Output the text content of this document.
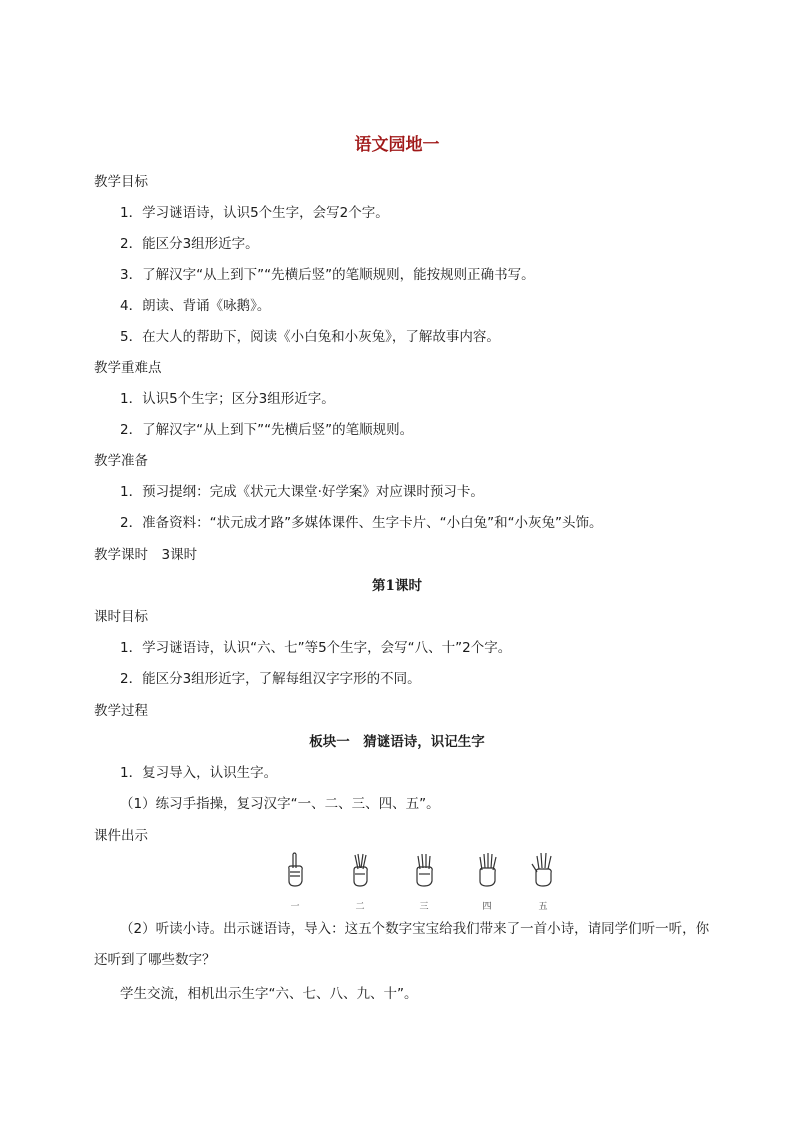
语文园地一
教学目标
1．学习谜语诗，认识5个生字，会写2个字。
2．能区分3组形近字。
3．了解汉字“从上到下”“先横后竖”的笔顺规则，能按规则正确书写。
4．朗读、背诵《咏鹅》。
5．在大人的帮助下，阅读《小白兔和小灰兔》，了解故事内容。
教学重难点
1．认识5个生字；区分3组形近字。
2．了解汉字“从上到下”“先横后竖”的笔顺规则。
教学准备
1．预习提纲：完成《状元大课堂·好学案》对应课时预习卡。
2．准备资料：“状元成才路”多媒体课件、生字卡片、“小白兔”和“小灰兔”头饰。
教学课时　3课时
第1课时
课时目标
1．学习谜语诗，认识“六、七”等5个生字，会写“八、十”2个字。
2．能区分3组形近字，了解每组汉字字形的不同。
教学过程
板块一　猜谜语诗，识记生字
1．复习导入，认识生字。
（1）练习手指操，复习汉字“一、二、三、四、五”。
课件出示
一	二	三	四	五
（2）听读小诗。出示谜语诗，导入：这五个数字宝宝给我们带来了一首小诗，请同学们听一听，你还听到了哪些数字？
学生交流，相机出示生字“六、七、八、九、十”。
